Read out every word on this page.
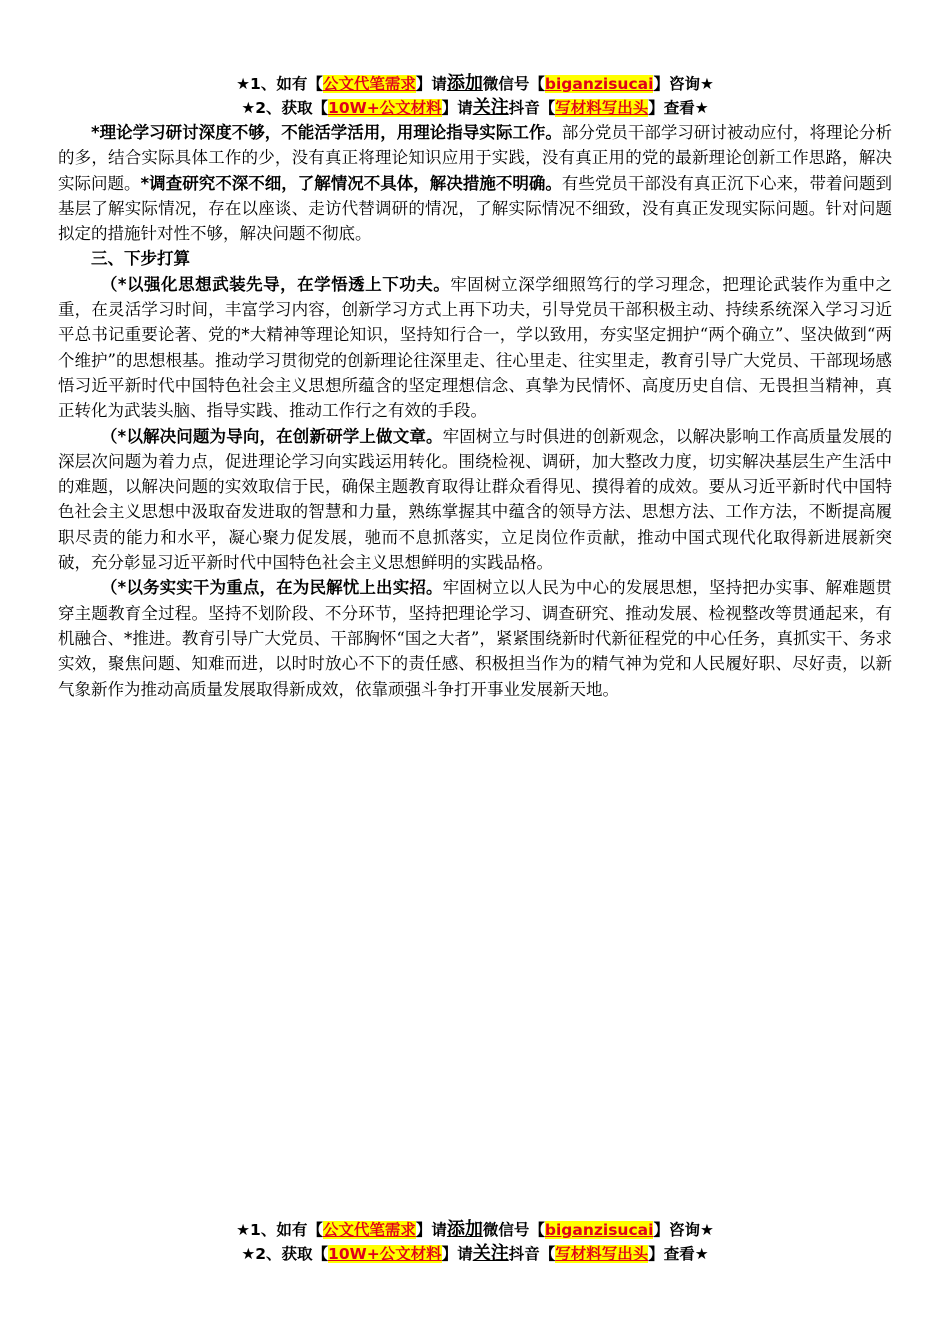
★1、如有【公文代笔需求】请添加微信号【biganzisucai】咨询★
★2、获取【10W+公文材料】请关注抖音【写材料写出头】查看★

*理论学习研讨深度不够，不能活学活用，用理论指导实际工作。部分党员干部学习研讨被动应付，将理论分析的多，结合实际具体工作的少，没有真正将理论知识应用于实践，没有真正用的党的最新理论创新工作思路，解决实际问题。*调查研究不深不细，了解情况不具体，解决措施不明确。有些党员干部没有真正沉下心来，带着问题到基层了解实际情况，存在以座谈、走访代替调研的情况，了解实际情况不细致，没有真正发现实际问题。针对问题拟定的措施针对性不够，解决问题不彻底。

三、下步打算

（*以强化思想武装先导，在学悟透上下功夫。牢固树立深学细照笃行的学习理念，把理论武装作为重中之重，在灵活学习时间，丰富学习内容，创新学习方式上再下功夫，引导党员干部积极主动、持续系统深入学习习近平总书记重要论著、党的*大精神等理论知识，坚持知行合一，学以致用，夯实坚定拥护“两个确立”、坚决做到“两个维护”的思想根基。推动学习贯彻党的创新理论往深里走、往心里走、往实里走，教育引导广大党员、干部现场感悟习近平新时代中国特色社会主义思想所蕴含的坚定理想信念、真挚为民情怀、高度历史自信、无畏担当精神，真正转化为武装头脑、指导实践、推动工作行之有效的手段。

（*以解决问题为导向，在创新研学上做文章。牢固树立与时俱进的创新观念，以解决影响工作高质量发展的深层次问题为着力点，促进理论学习向实践运用转化。围绕检视、调研，加大整改力度，切实解决基层生产生活中的难题，以解决问题的实效取信于民，确保主题教育取得让群众看得见、摸得着的成效。要从习近平新时代中国特色社会主义思想中汲取奋发进取的智慧和力量，熟练掌握其中蕴含的领导方法、思想方法、工作方法，不断提高履职尽责的能力和水平，凝心聚力促发展，驰而不息抓落实，立足岗位作贡献，推动中国式现代化取得新进展新突破，充分彰显习近平新时代中国特色社会主义思想鲜明的实践品格。

（*以务实实干为重点，在为民解忧上出实招。牢固树立以人民为中心的发展思想，坚持把办实事、解难题贯穿主题教育全过程。坚持不划阶段、不分环节，坚持把理论学习、调查研究、推动发展、检视整改等贯通起来，有机融合、*推进。教育引导广大党员、干部胸怀“国之大者”，紧紧围绕新时代新征程党的中心任务，真抓实干、务求实效，聚焦问题、知难而进，以时时放心不下的责任感、积极担当作为的精气神为党和人民履好职、尽好责，以新气象新作为推动高质量发展取得新成效，依靠顽强斗争打开事业发展新天地。

★1、如有【公文代笔需求】请添加微信号【biganzisucai】咨询★
★2、获取【10W+公文材料】请关注抖音【写材料写出头】查看★
